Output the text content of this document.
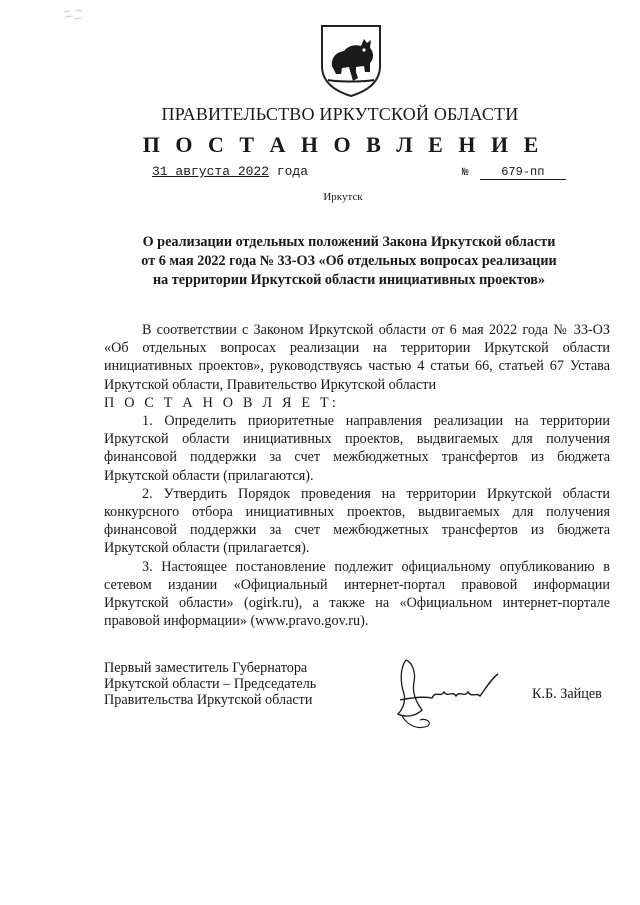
ПРАВИТЕЛЬСТВО ИРКУТСКОЙ ОБЛАСТИ
П О С Т А Н О В Л Е Н И Е
31 августа 2022 года	№	679-пп
Иркутск
О реализации отдельных положений Закона Иркутской области
от 6 мая 2022 года № 33-ОЗ «Об отдельных вопросах реализации
на территории Иркутской области инициативных проектов»

В соответствии с Законом Иркутской области от 6 мая 2022 года № 33-ОЗ «Об отдельных вопросах реализации на территории Иркутской области инициативных проектов», руководствуясь частью 4 статьи 66, статьей 67 Устава Иркутской области, Правительство Иркутской области

П О С Т А Н О В Л Я Е Т:

1. Определить приоритетные направления реализации на территории Иркутской области инициативных проектов, выдвигаемых для получения финансовой поддержки за счет межбюджетных трансфертов из бюджета Иркутской области (прилагаются).

2. Утвердить Порядок проведения на территории Иркутской области конкурсного отбора инициативных проектов, выдвигаемых для получения финансовой поддержки за счет межбюджетных трансфертов из бюджета Иркутской области (прилагается).

3. Настоящее постановление подлежит официальному опубликованию в сетевом издании «Официальный интернет-портал правовой информации Иркутской области» (ogirk.ru), а также на «Официальном интернет-портале правовой информации» (www.pravo.gov.ru).

Первый заместитель Губернатора
Иркутской области – Председатель
Правительства Иркутской области	К.Б. Зайцев
